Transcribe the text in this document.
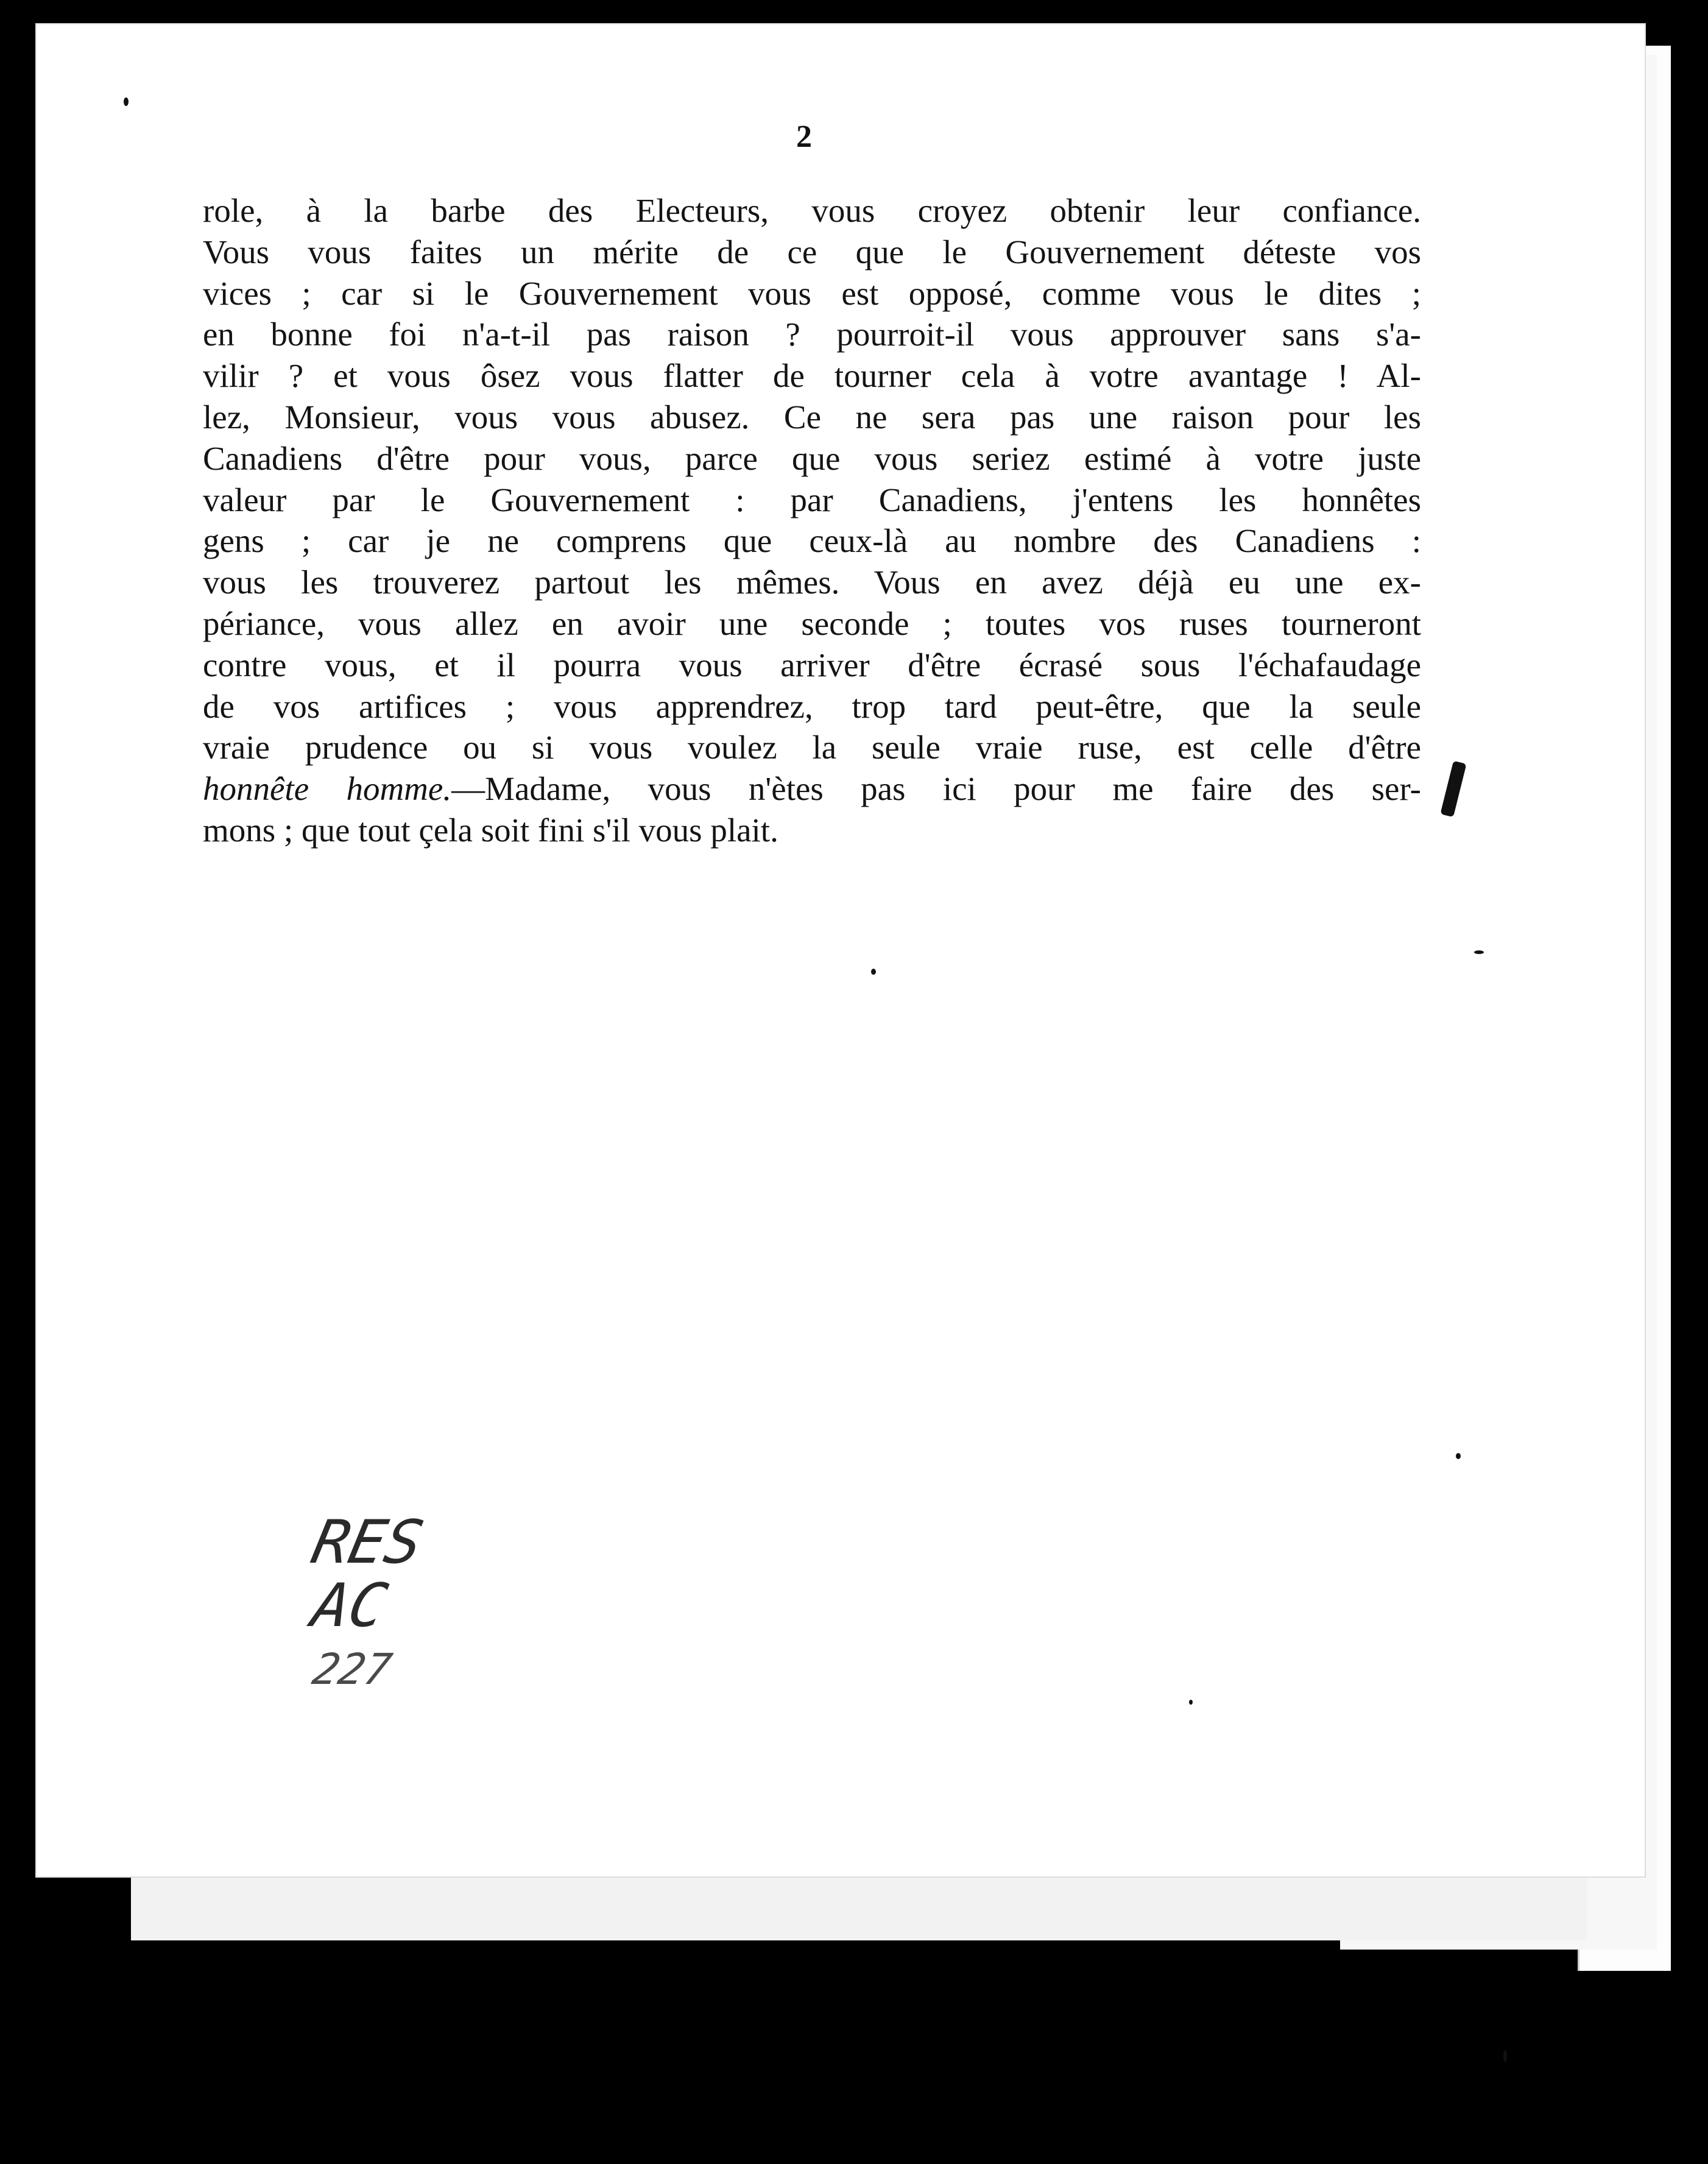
2
role, à la barbe des Electeurs, vous croyez obtenir leur confiance.
Vous vous faites un mérite de ce que le Gouvernement déteste vos
vices ; car si le Gouvernement vous est opposé, comme vous le dites ;
en bonne foi n'a-t-il pas raison ? pourroit-il vous approuver sans s'a-
vilir ? et vous ôsez vous flatter de tourner cela à votre avantage ! Al-
lez, Monsieur, vous vous abusez. Ce ne sera pas une raison pour les
Canadiens d'être pour vous, parce que vous seriez estimé à votre juste
valeur par le Gouvernement : par Canadiens, j'entens les honnêtes
gens ; car je ne comprens que ceux-là au nombre des Canadiens :
vous les trouverez partout les mêmes. Vous en avez déjà eu une ex-
périance, vous allez en avoir une seconde ; toutes vos ruses tourneront
contre vous, et il pourra vous arriver d'être écrasé sous l'échafaudage
de vos artifices ; vous apprendrez, trop tard peut-être, que la seule
vraie prudence ou si vous voulez la seule vraie ruse, est celle d'être
honnête homme.—Madame, vous n'ètes pas ici pour me faire des ser-
mons ; que tout çela soit fini s'il vous plait.
RES
AC
227
